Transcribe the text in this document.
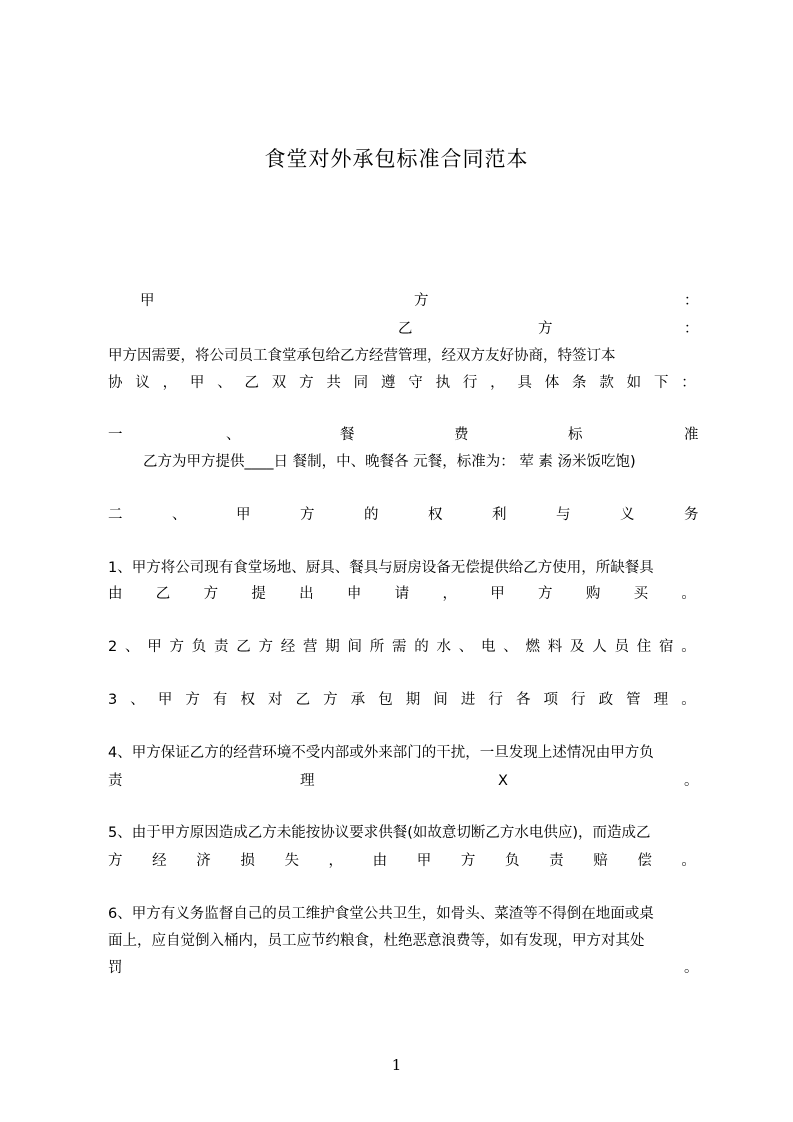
食堂对外承包标准合同范本
甲	方	：
乙	方	：
甲方因需要，将公司员工食堂承包给乙方经营管理，经双方友好协商，特签订本
协 议 ， 甲 、 乙 双 方 共 同 遵 守 执 行 ， 具 体 条 款 如 下 ：
一	、	餐	费	标	准
乙方为甲方提供____日 餐制，中、晚餐各 元餐，标准为： 荤 素 汤米饭吃饱)
二	、	甲	方	的	权	利	与	义	务
1、甲方将公司现有食堂场地、厨具、餐具与厨房设备无偿提供给乙方使用，所缺餐具
由 乙 方 提 出 申 请 ， 甲 方 购 买 。
2 、 甲 方 负 责 乙 方 经 营 期 间 所 需 的 水 、 电 、 燃 料 及 人 员 住 宿 。
3 、 甲 方 有 权 对 乙 方 承 包 期 间 进 行 各 项 行 政 管 理 。
4、甲方保证乙方的经营环境不受内部或外来部门的干扰，一旦发现上述情况由甲方负
责	理	X	。
5、由于甲方原因造成乙方未能按协议要求供餐(如故意切断乙方水电供应)，而造成乙
方 经 济 损 失 ， 由 甲 方 负 责 赔 偿 。
6、甲方有义务监督自己的员工维护食堂公共卫生，如骨头、菜渣等不得倒在地面或桌
面上，应自觉倒入桶内，员工应节约粮食，杜绝恶意浪费等，如有发现，甲方对其处
罚	。
1
